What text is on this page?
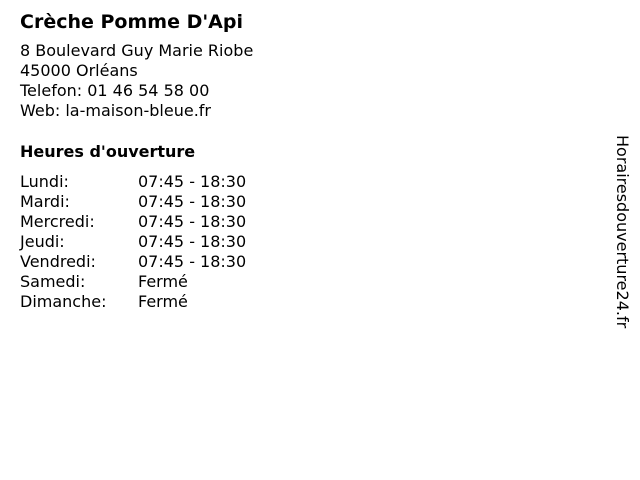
Crèche Pomme D'Api
8 Boulevard Guy Marie Riobe
45000 Orléans
Telefon: 01 46 54 58 00
Web: la-maison-bleue.fr
Heures d'ouverture
Lundi:	07:45 - 18:30
Mardi:	07:45 - 18:30
Mercredi:	07:45 - 18:30
Jeudi:	07:45 - 18:30
Vendredi:	07:45 - 18:30
Samedi:	Fermé
Dimanche:	Fermé	Horairesdouverture24.fr
